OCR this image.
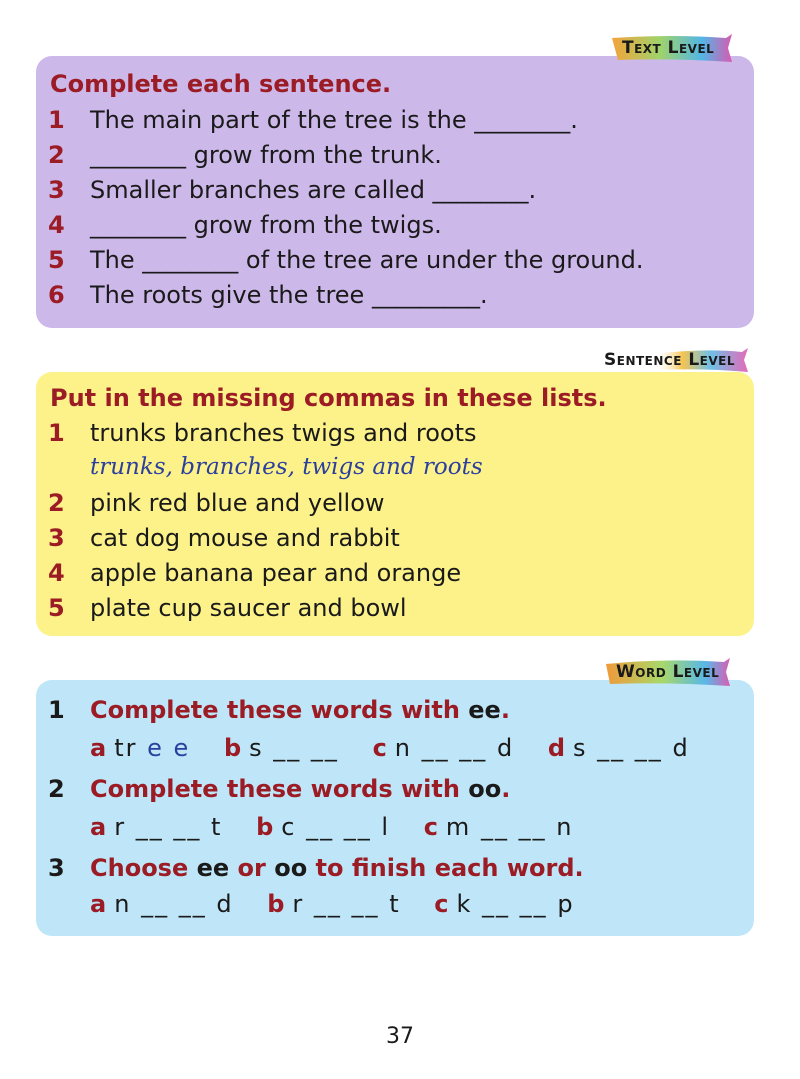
Text Level
Complete each sentence.
1	The main part of the tree is the ________.
2	________ grow from the trunk.
3	Smaller branches are called ________.
4	________ grow from the twigs.
5	The ________ of the tree are under the ground.
6	The roots give the tree _________.
Sentence Level
Put in the missing commas in these lists.
1	trunks branches twigs and roots
trunks, branches, twigs and roots
2	pink red blue and yellow
3	cat dog mouse and rabbit
4	apple banana pear and orange
5	plate cup saucer and bowl
Word Level
1	Complete these words with ee .
a tr e e b s __ __ c n __ __ d d s __ __ d
2	Complete these words with oo .
a r __ __ t b c __ __ l c m __ __ n
3	Choose ee or oo to finish each word.
a n __ __ d b r __ __ t c k __ __ p
37
